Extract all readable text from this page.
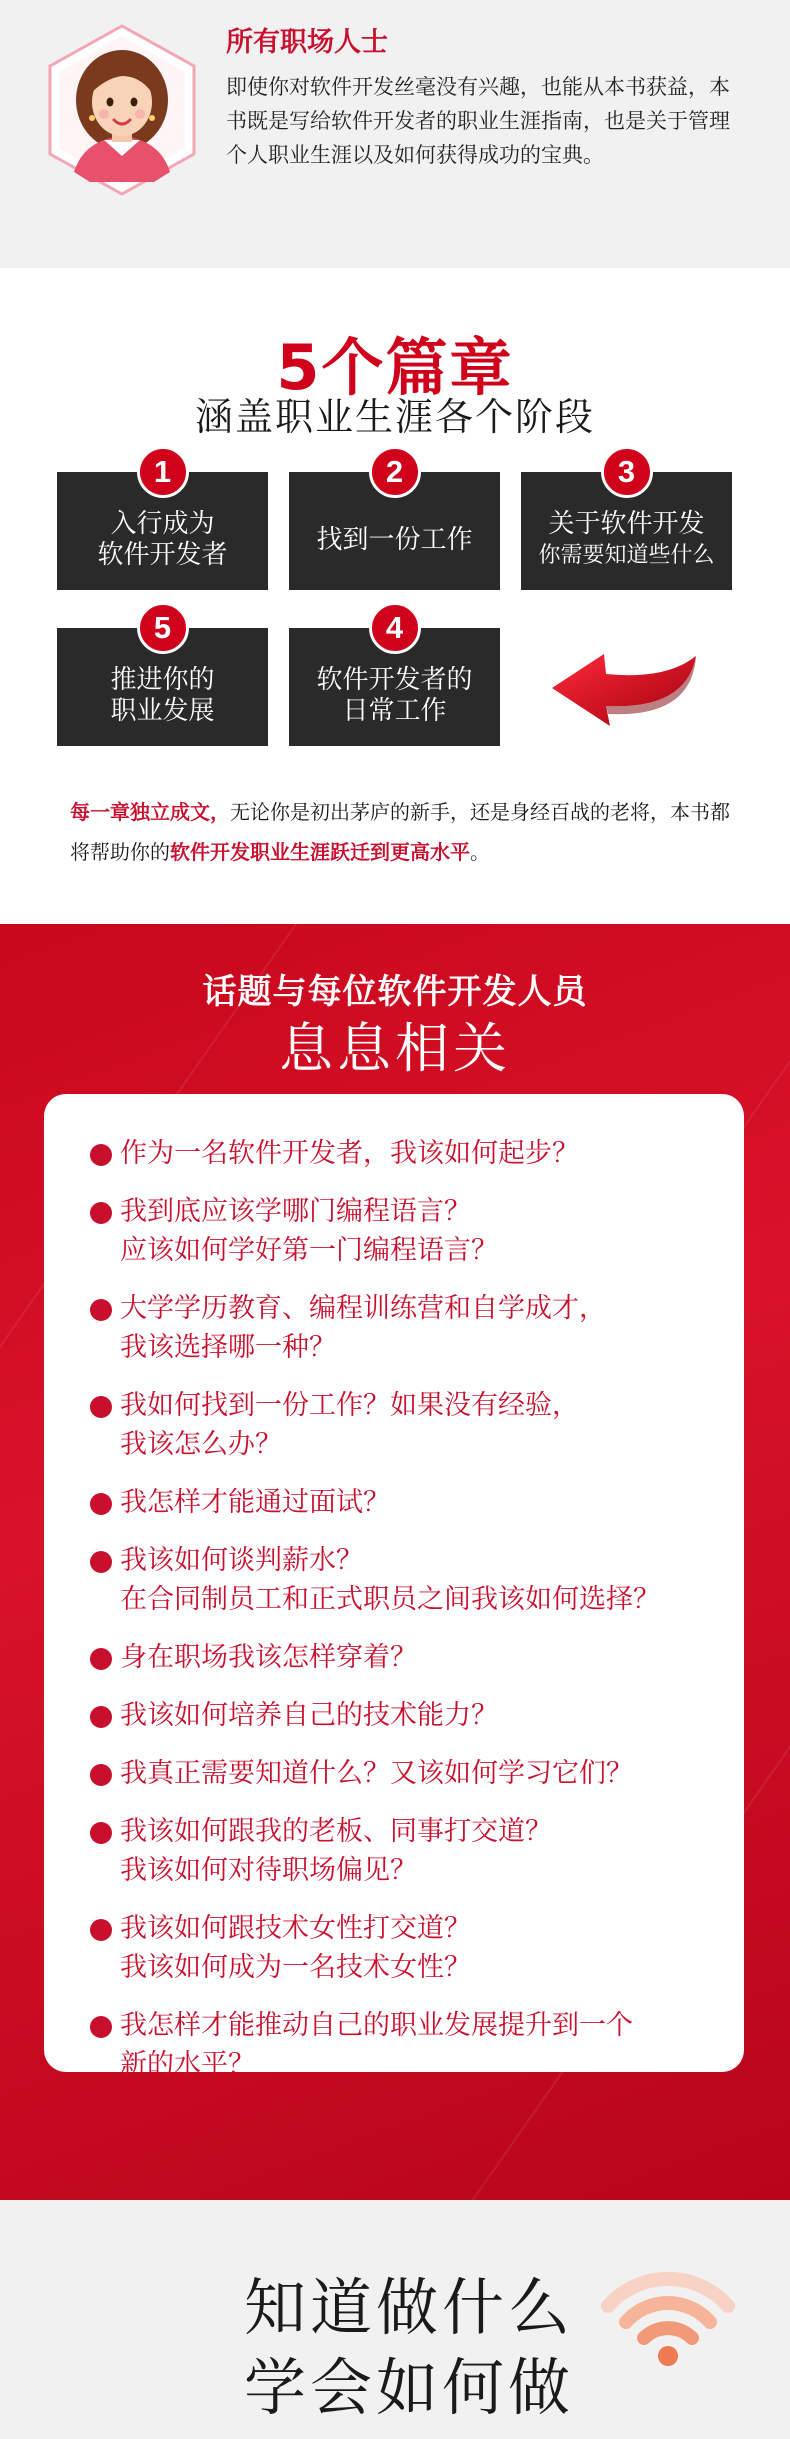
所有职场人士
即使你对软件开发丝毫没有兴趣，也能从本书获益，本书既是写给软件开发者的职业生涯指南，也是关于管理个人职业生涯以及如何获得成功的宝典。
5个篇章
涵盖职业生涯各个阶段
1
入行成为
软件开发者
2
找到一份工作
3
关于软件开发
你需要知道些什么
5
推进你的
职业发展
4
软件开发者的
日常工作
每一章独立成文，无论你是初出茅庐的新手，还是身经百战的老将，本书都将帮助你的软件开发职业生涯跃迁到更高水平。
话题与每位软件开发人员
息息相关
作为一名软件开发者，我该如何起步？
我到底应该学哪门编程语言？
应该如何学好第一门编程语言？
大学学历教育、编程训练营和自学成才，
我该选择哪一种？
我如何找到一份工作？如果没有经验，
我该怎么办？
我怎样才能通过面试？
我该如何谈判薪水？
在合同制员工和正式职员之间我该如何选择？
身在职场我该怎样穿着？
我该如何培养自己的技术能力？
我真正需要知道什么？又该如何学习它们？
我该如何跟我的老板、同事打交道？
我该如何对待职场偏见？
我该如何跟技术女性打交道？
我该如何成为一名技术女性？
我怎样才能推动自己的职业发展提升到一个
新的水平？
知道做什么
学会如何做
